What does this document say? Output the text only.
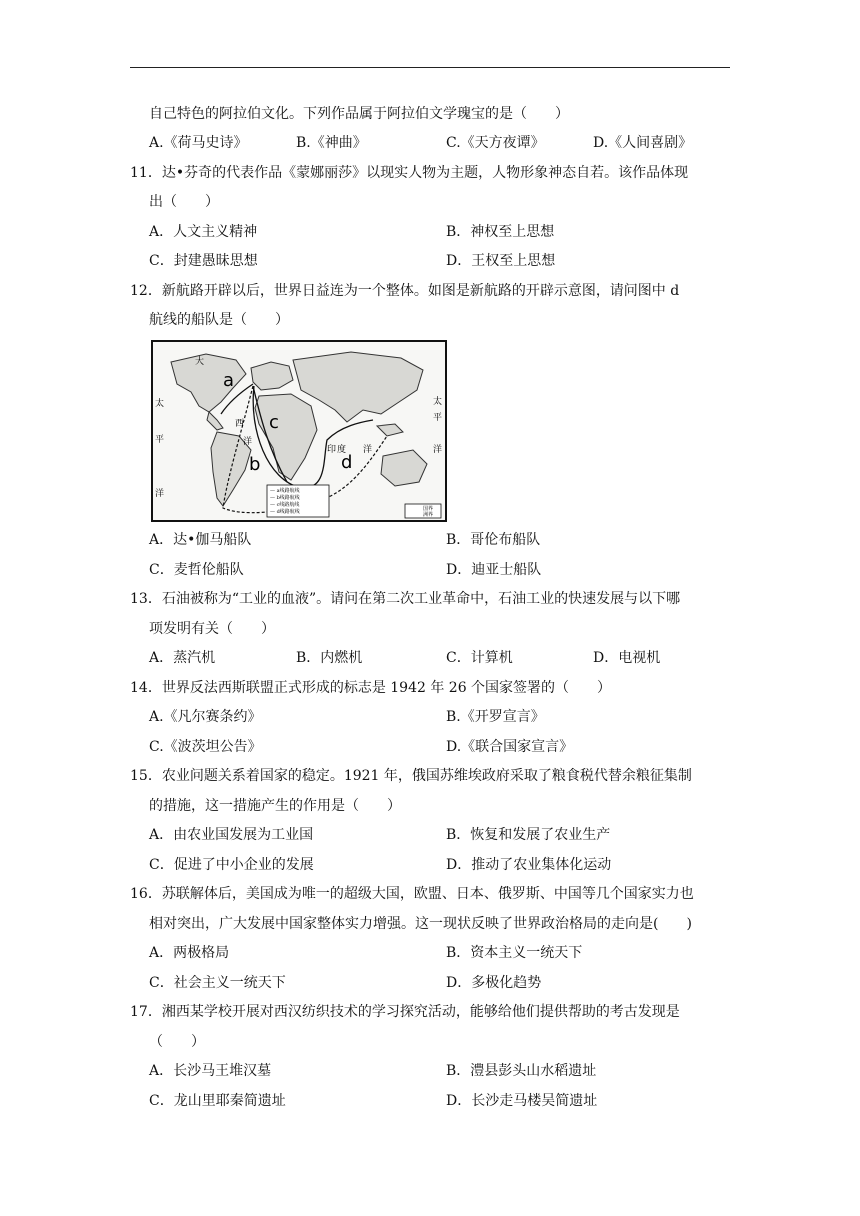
自己特色的阿拉伯文化。下列作品属于阿拉伯文学瑰宝的是（　　）
A.《荷马史诗》	B.《神曲》	C.《天方夜谭》	D.《人间喜剧》
11．达•芬奇的代表作品《蒙娜丽莎》以现实人物为主题，人物形象神态自若。该作品体现
出（　　）
A．人文主义精神	B．神权至上思想
C．封建愚昧思想	D．王权至上思想
12．新航路开辟以后，世界日益连为一个整体。如图是新航路的开辟示意图，请问图中 d
航线的船队是（　　）
a
b
c
d
太
平
洋
大
西
洋
印 度 洋
太
平
洋
— a线路航线
— b线路航线
— c线路航线
— d线路航线	国界
洲界
A．达•伽马船队	B．哥伦布船队
C．麦哲伦船队	D．迪亚士船队
13．石油被称为“工业的血液”。请问在第二次工业革命中，石油工业的快速发展与以下哪
项发明有关（　　）
A．蒸汽机	B．内燃机	C．计算机	D．电视机
14．世界反法西斯联盟正式形成的标志是 1942 年 26 个国家签署的（　　）
A.《凡尔赛条约》	B.《开罗宣言》
C.《波茨坦公告》	D.《联合国家宣言》
15．农业问题关系着国家的稳定。1921 年，俄国苏维埃政府采取了粮食税代替余粮征集制
的措施，这一措施产生的作用是（　　）
A．由农业国发展为工业国	B．恢复和发展了农业生产
C．促进了中小企业的发展	D．推动了农业集体化运动
16．苏联解体后，美国成为唯一的超级大国，欧盟、日本、俄罗斯、中国等几个国家实力也
相对突出，广大发展中国家整体实力增强。这一现状反映了世界政治格局的走向是(　　)
A．两极格局	B．资本主义一统天下
C．社会主义一统天下	D．多极化趋势
17．湘西某学校开展对西汉纺织技术的学习探究活动，能够给他们提供帮助的考古发现是
（　　）
A．长沙马王堆汉墓	B．澧县彭头山水稻遗址
C．龙山里耶秦简遗址	D．长沙走马楼吴简遗址
